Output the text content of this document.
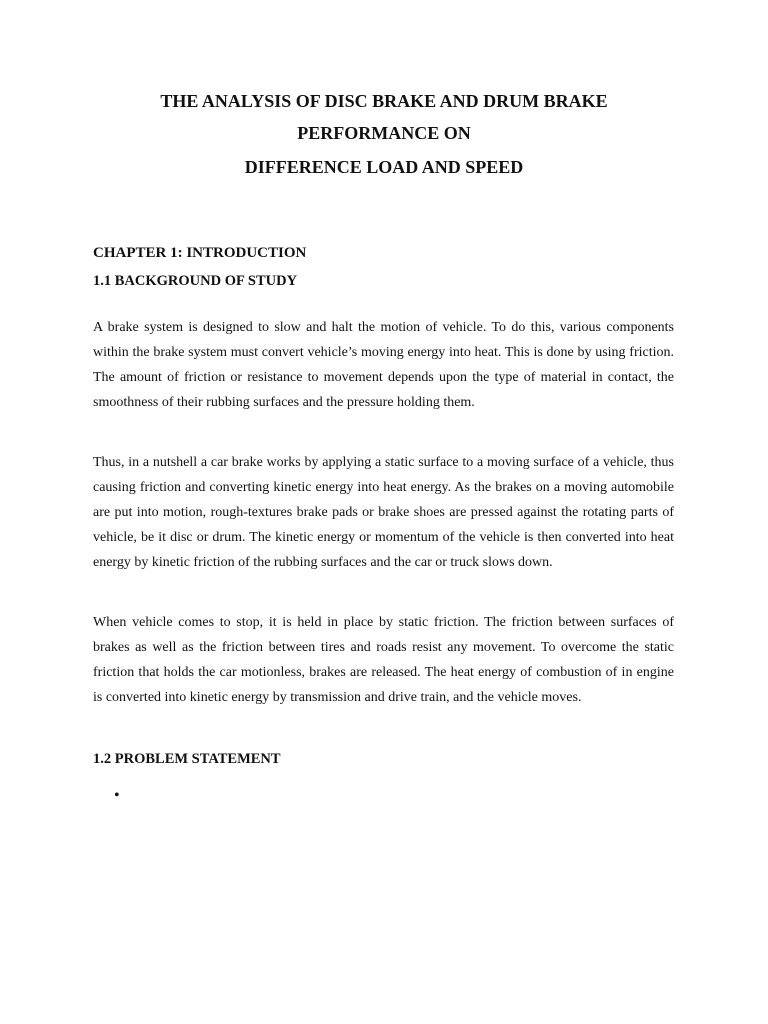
THE ANALYSIS OF DISC BRAKE AND DRUM BRAKE
PERFORMANCE ON
DIFFERENCE LOAD AND SPEED
CHAPTER 1: INTRODUCTION
1.1 BACKGROUND OF STUDY

A brake system is designed to slow and halt the motion of vehicle. To do this, various components within the brake system must convert vehicle’s moving energy into heat. This is done by using friction. The amount of friction or resistance to movement depends upon the type of material in contact, the smoothness of their rubbing surfaces and the pressure holding them.

Thus, in a nutshell a car brake works by applying a static surface to a moving surface of a vehicle, thus causing friction and converting kinetic energy into heat energy. As the brakes on a moving automobile are put into motion, rough-textures brake pads or brake shoes are pressed against the rotating parts of vehicle, be it disc or drum. The kinetic energy or momentum of the vehicle is then converted into heat energy by kinetic friction of the rubbing surfaces and the car or truck slows down.

When vehicle comes to stop, it is held in place by static friction. The friction between surfaces of brakes as well as the friction between tires and roads resist any movement. To overcome the static friction that holds the car motionless, brakes are released. The heat energy of combustion of in engine is converted into kinetic energy by transmission and drive train, and the vehicle moves.

1.2 PROBLEM STATEMENT
•
